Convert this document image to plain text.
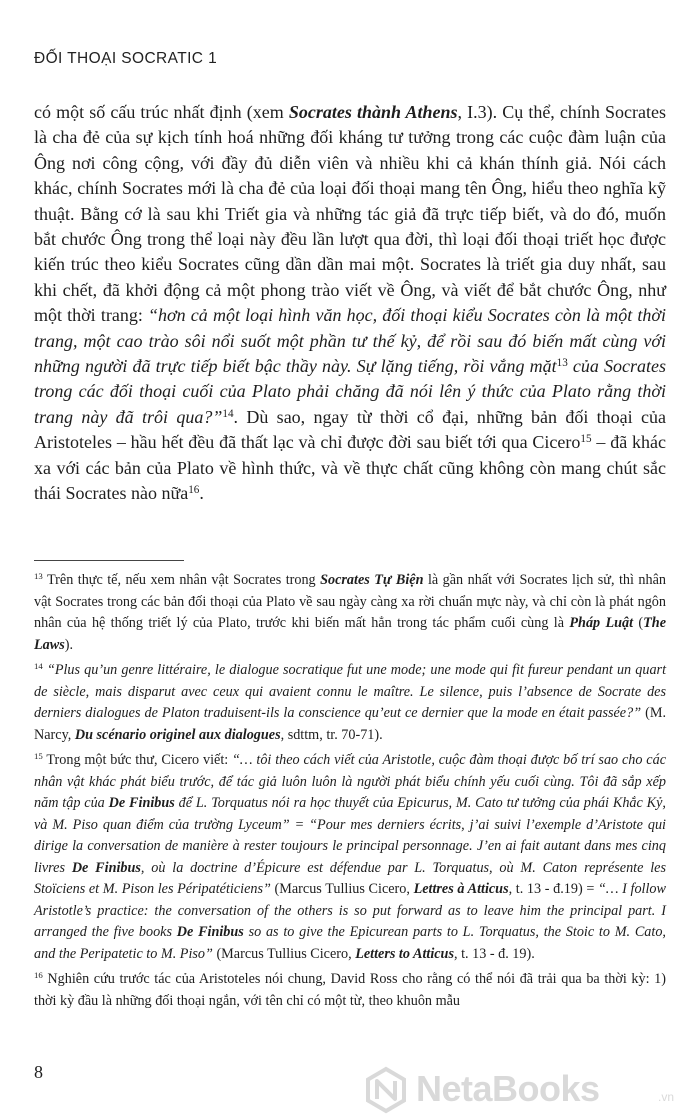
ĐỐI THOẠI SOCRATIC 1

có một số cấu trúc nhất định (xem Socrates thành Athens, I.3). Cụ thể, chính Socrates là cha đẻ của sự kịch tính hoá những đối kháng tư tưởng trong các cuộc đàm luận của Ông nơi công cộng, với đầy đủ diễn viên và nhiều khi cả khán thính giả. Nói cách khác, chính Socrates mới là cha đẻ của loại đối thoại mang tên Ông, hiểu theo nghĩa kỹ thuật. Bằng cớ là sau khi Triết gia và những tác giả đã trực tiếp biết, và do đó, muốn bắt chước Ông trong thể loại này đều lần lượt qua đời, thì loại đối thoại triết học được kiến trúc theo kiểu Socrates cũng dần dần mai một. Socrates là triết gia duy nhất, sau khi chết, đã khởi động cả một phong trào viết về Ông, và viết để bắt chước Ông, như một thời trang: “hơn cả một loại hình văn học, đối thoại kiểu Socrates còn là một thời trang, một cao trào sôi nổi suốt một phần tư thế kỷ, để rồi sau đó biến mất cùng với những người đã trực tiếp biết bậc thầy này. Sự lặng tiếng, rồi vắng mặt$^{13}$ của Socrates trong các đối thoại cuối của Plato phải chăng đã nói lên ý thức của Plato rằng thời trang này đã trôi qua?”$^{14}$. Dù sao, ngay từ thời cổ đại, những bản đối thoại của Aristoteles – hầu hết đều đã thất lạc và chỉ được đời sau biết tới qua Cicero$^{15}$ – đã khác xa với các bản của Plato về hình thức, và về thực chất cũng không còn mang chút sắc thái Socrates nào nữa$^{16}$.

$^{13}$ Trên thực tế, nếu xem nhân vật Socrates trong Socrates Tự Biện là gần nhất với Socrates lịch sử, thì nhân vật Socrates trong các bản đối thoại của Plato về sau ngày càng xa rời chuẩn mực này, và chỉ còn là phát ngôn nhân của hệ thống triết lý của Plato, trước khi biến mất hẳn trong tác phẩm cuối cùng là Pháp Luật (The Laws).

$^{14}$ “Plus qu’un genre littéraire, le dialogue socratique fut une mode; une mode qui fit fureur pendant un quart de siècle, mais disparut avec ceux qui avaient connu le maître. Le silence, puis l’absence de Socrate des derniers dialogues de Platon traduisent-ils la conscience qu’eut ce dernier que la mode en était passée?” (M. Narcy, Du scénario originel aux dialogues, sdttm, tr. 70-71).

$^{15}$ Trong một bức thư, Cicero viết: “… tôi theo cách viết của Aristotle, cuộc đàm thoại được bố trí sao cho các nhân vật khác phát biểu trước, để tác giả luôn luôn là người phát biểu chính yếu cuối cùng. Tôi đã sắp xếp năm tập của De Finibus để L. Torquatus nói ra học thuyết của Epicurus, M. Cato tư tưởng của phái Khắc Kỷ, và M. Piso quan điểm của trường Lyceum” = “Pour mes derniers écrits, j’ai suivi l’exemple d’Aristote qui dirige la conversation de manière à rester toujours le principal personnage. J’en ai fait autant dans mes cinq livres De Finibus, où la doctrine d’Épicure est défendue par L. Torquatus, où M. Caton représente les Stoïciens et M. Pison les Péripatéticiens” (Marcus Tullius Cicero, Lettres à Atticus, t. 13 - đ.19) = “… I follow Aristotle’s practice: the conversation of the others is so put forward as to leave him the principal part. I arranged the five books De Finibus so as to give the Epicurean parts to L. Torquatus, the Stoic to M. Cato, and the Peripatetic to M. Piso” (Marcus Tullius Cicero, Letters to Atticus, t. 13 - đ. 19).

$^{16}$ Nghiên cứu trước tác của Aristoteles nói chung, David Ross cho rằng có thể nói đã trải qua ba thời kỳ: 1) thời kỳ đầu là những đối thoại ngắn, với tên chỉ có một từ, theo khuôn mẫu

8	NetaBooks	.vn
